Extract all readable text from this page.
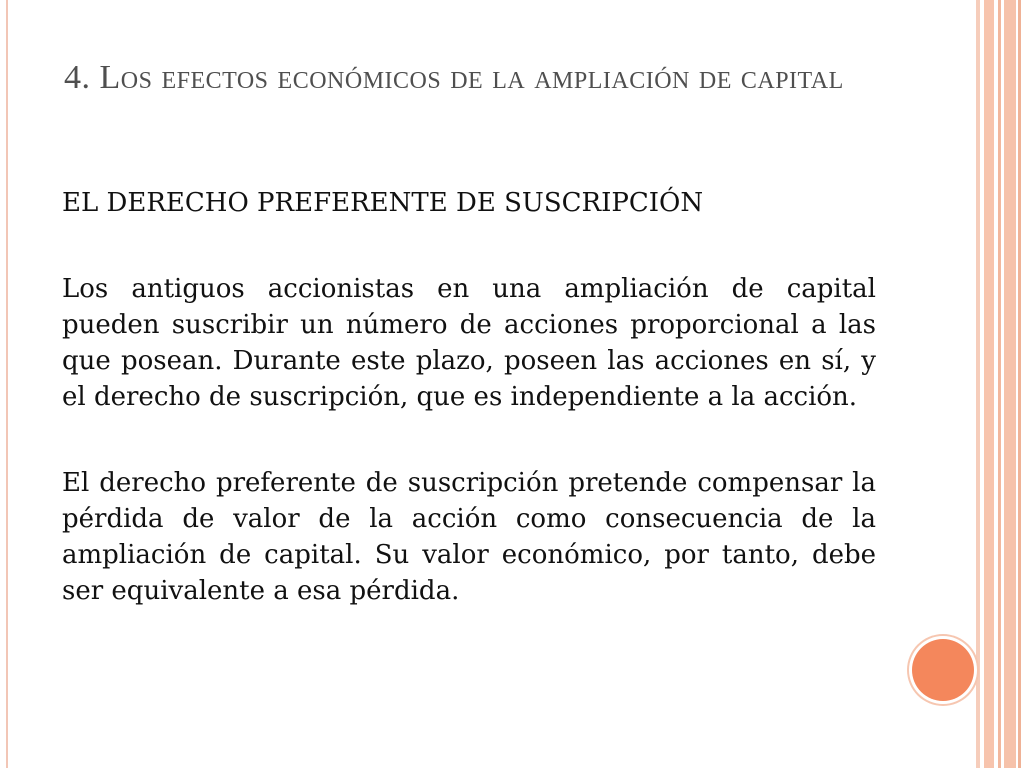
4. Los efectos económicos de la ampliación de capital

EL DERECHO PREFERENTE DE SUSCRIPCIÓN

Los antiguos accionistas en una ampliación de capital pueden suscribir un número de acciones proporcional a las que posean. Durante este plazo, poseen las acciones en sí, y el derecho de suscripción, que es independiente a la acción.

El derecho preferente de suscripción pretende compensar la pérdida de valor de la acción como consecuencia de la ampliación de capital. Su valor económico, por tanto, debe ser equivalente a esa pérdida.
